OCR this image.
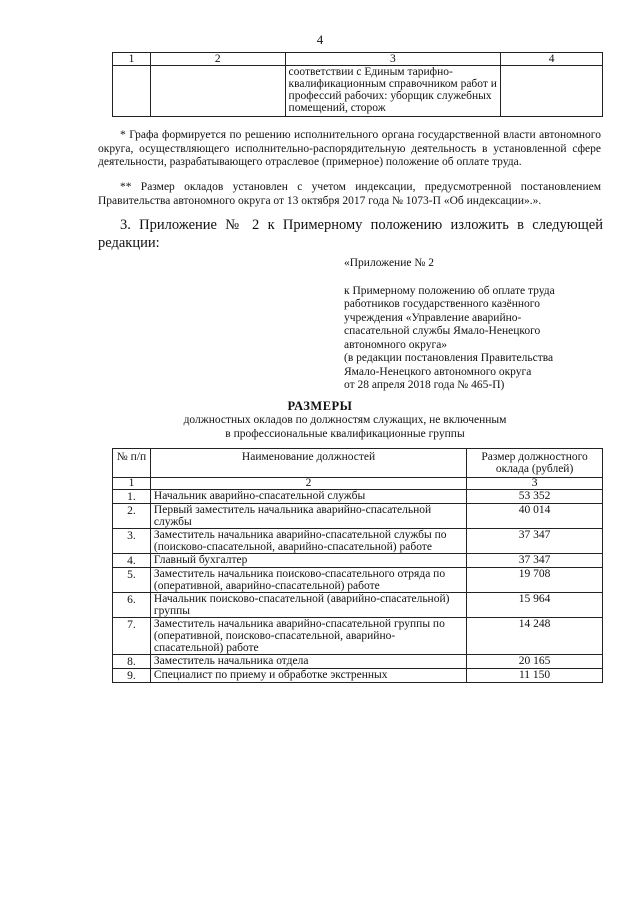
4
1	2	3	4
		соответствии с Единым тарифно-квалификационным справочником работ и профессий рабочих: уборщик служебных помещений, сторож	
* Графа формируется по решению исполнительного органа государственной власти автономного округа, осуществляющего исполнительно-распорядительную деятельность в установленной сфере деятельности, разрабатывающего отраслевое (примерное) положение об оплате труда.
** Размер окладов установлен с учетом индексации, предусмотренной постановлением Правительства автономного округа от 13 октября 2017 года № 1073-П «Об индексации».».
3. Приложение № 2 к Примерному положению изложить в следующей редакции:
«Приложение № 2
к Примерному положению об оплате труда
работников государственного казённого
учреждения «Управление аварийно-
спасательной службы Ямало-Ненецкого
автономного округа»
(в редакции постановления Правительства
Ямало-Ненецкого автономного округа
от 28 апреля 2018 года № 465-П)
РАЗМЕРЫ
должностных окладов по должностям служащих, не включенным
в профессиональные квалификационные группы
№ п/п	Наименование должностей	Размер должностного оклада (рублей)
1	2	3
1.	Начальник аварийно-спасательной службы	53 352
2.	Первый заместитель начальника аварийно-спасательной службы	40 014
3.	Заместитель начальника аварийно-спасательной службы по (поисково-спасательной, аварийно-спасательной) работе	37 347
4.	Главный бухгалтер	37 347
5.	Заместитель начальника поисково-спасательного отряда по (оперативной, аварийно-спасательной) работе	19 708
6.	Начальник поисково-спасательной (аварийно-спасательной) группы	15 964
7.	Заместитель начальника аварийно-спасательной группы по (оперативной, поисково-спасательной, аварийно-спасательной) работе	14 248
8.	Заместитель начальника отдела	20 165
9.	Специалист по приему и обработке экстренных	11 150
